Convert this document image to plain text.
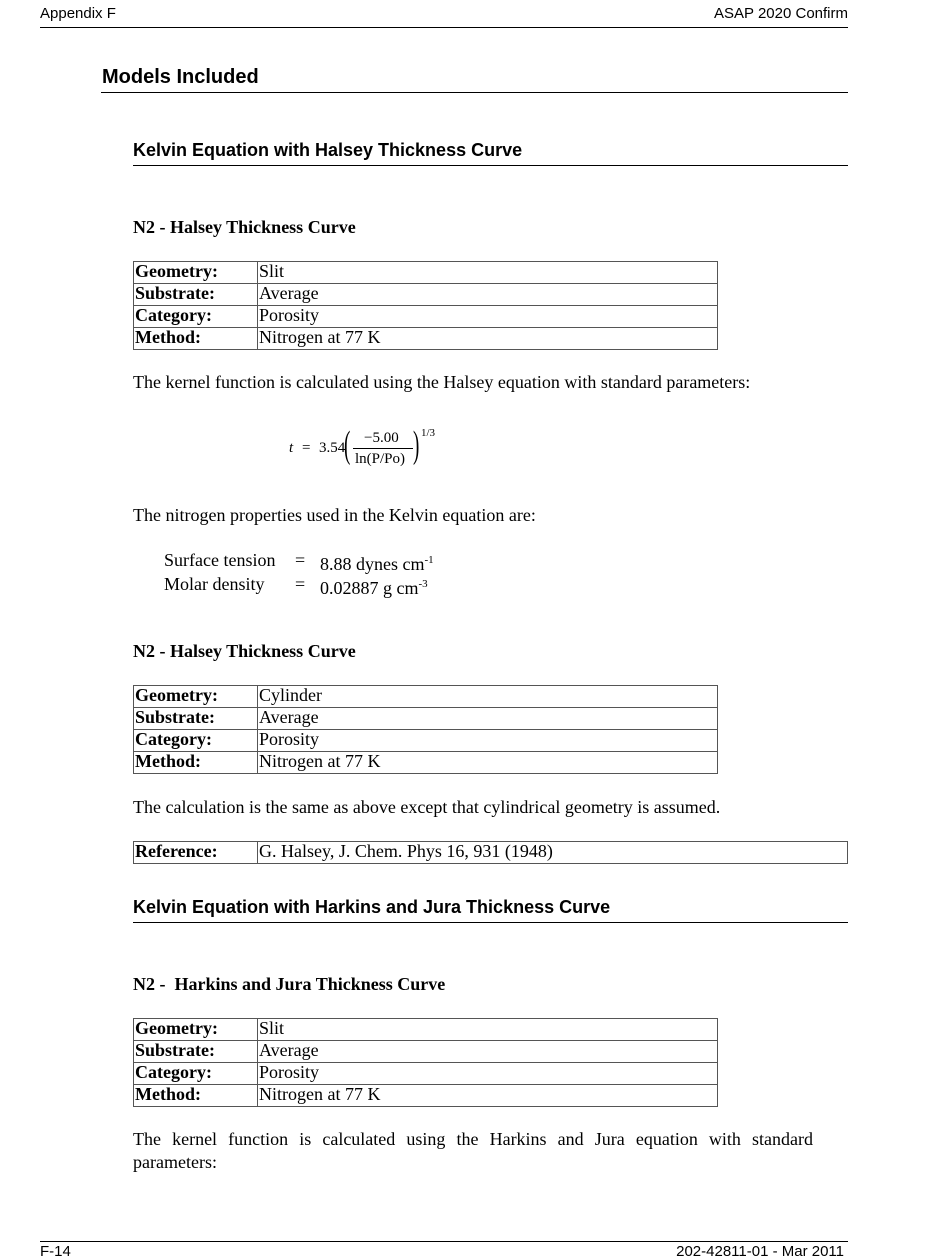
Appendix F	ASAP 2020 Confirm
Models Included
Kelvin Equation with Halsey Thickness Curve
N2 - Halsey Thickness Curve
Geometry:	Slit
Substrate:	Average
Category:	Porosity
Method:	Nitrogen at 77 K
The kernel function is calculated using the Halsey equation with standard parameters:
t = 3.54
( −5.00
ln(P/Po) ) 1/3
The nitrogen properties used in the Kelvin equation are:
Surface tension = 8.88 dynes $cm^{-1}$
Molar density = 0.02887 g $cm^{-3}$
N2 - Halsey Thickness Curve
Geometry:	Cylinder
Substrate:	Average
Category:	Porosity
Method:	Nitrogen at 77 K
The calculation is the same as above except that cylindrical geometry is assumed.
Reference:	G. Halsey, J. Chem. Phys 16, 931 (1948)
Kelvin Equation with Harkins and Jura Thickness Curve
N2 -  Harkins and Jura Thickness Curve
Geometry:	Slit
Substrate:	Average
Category:	Porosity
Method:	Nitrogen at 77 K
The kernel function is calculated using the Harkins and Jura equation with standard parameters:
F-14	202-42811-01 - Mar 2011
